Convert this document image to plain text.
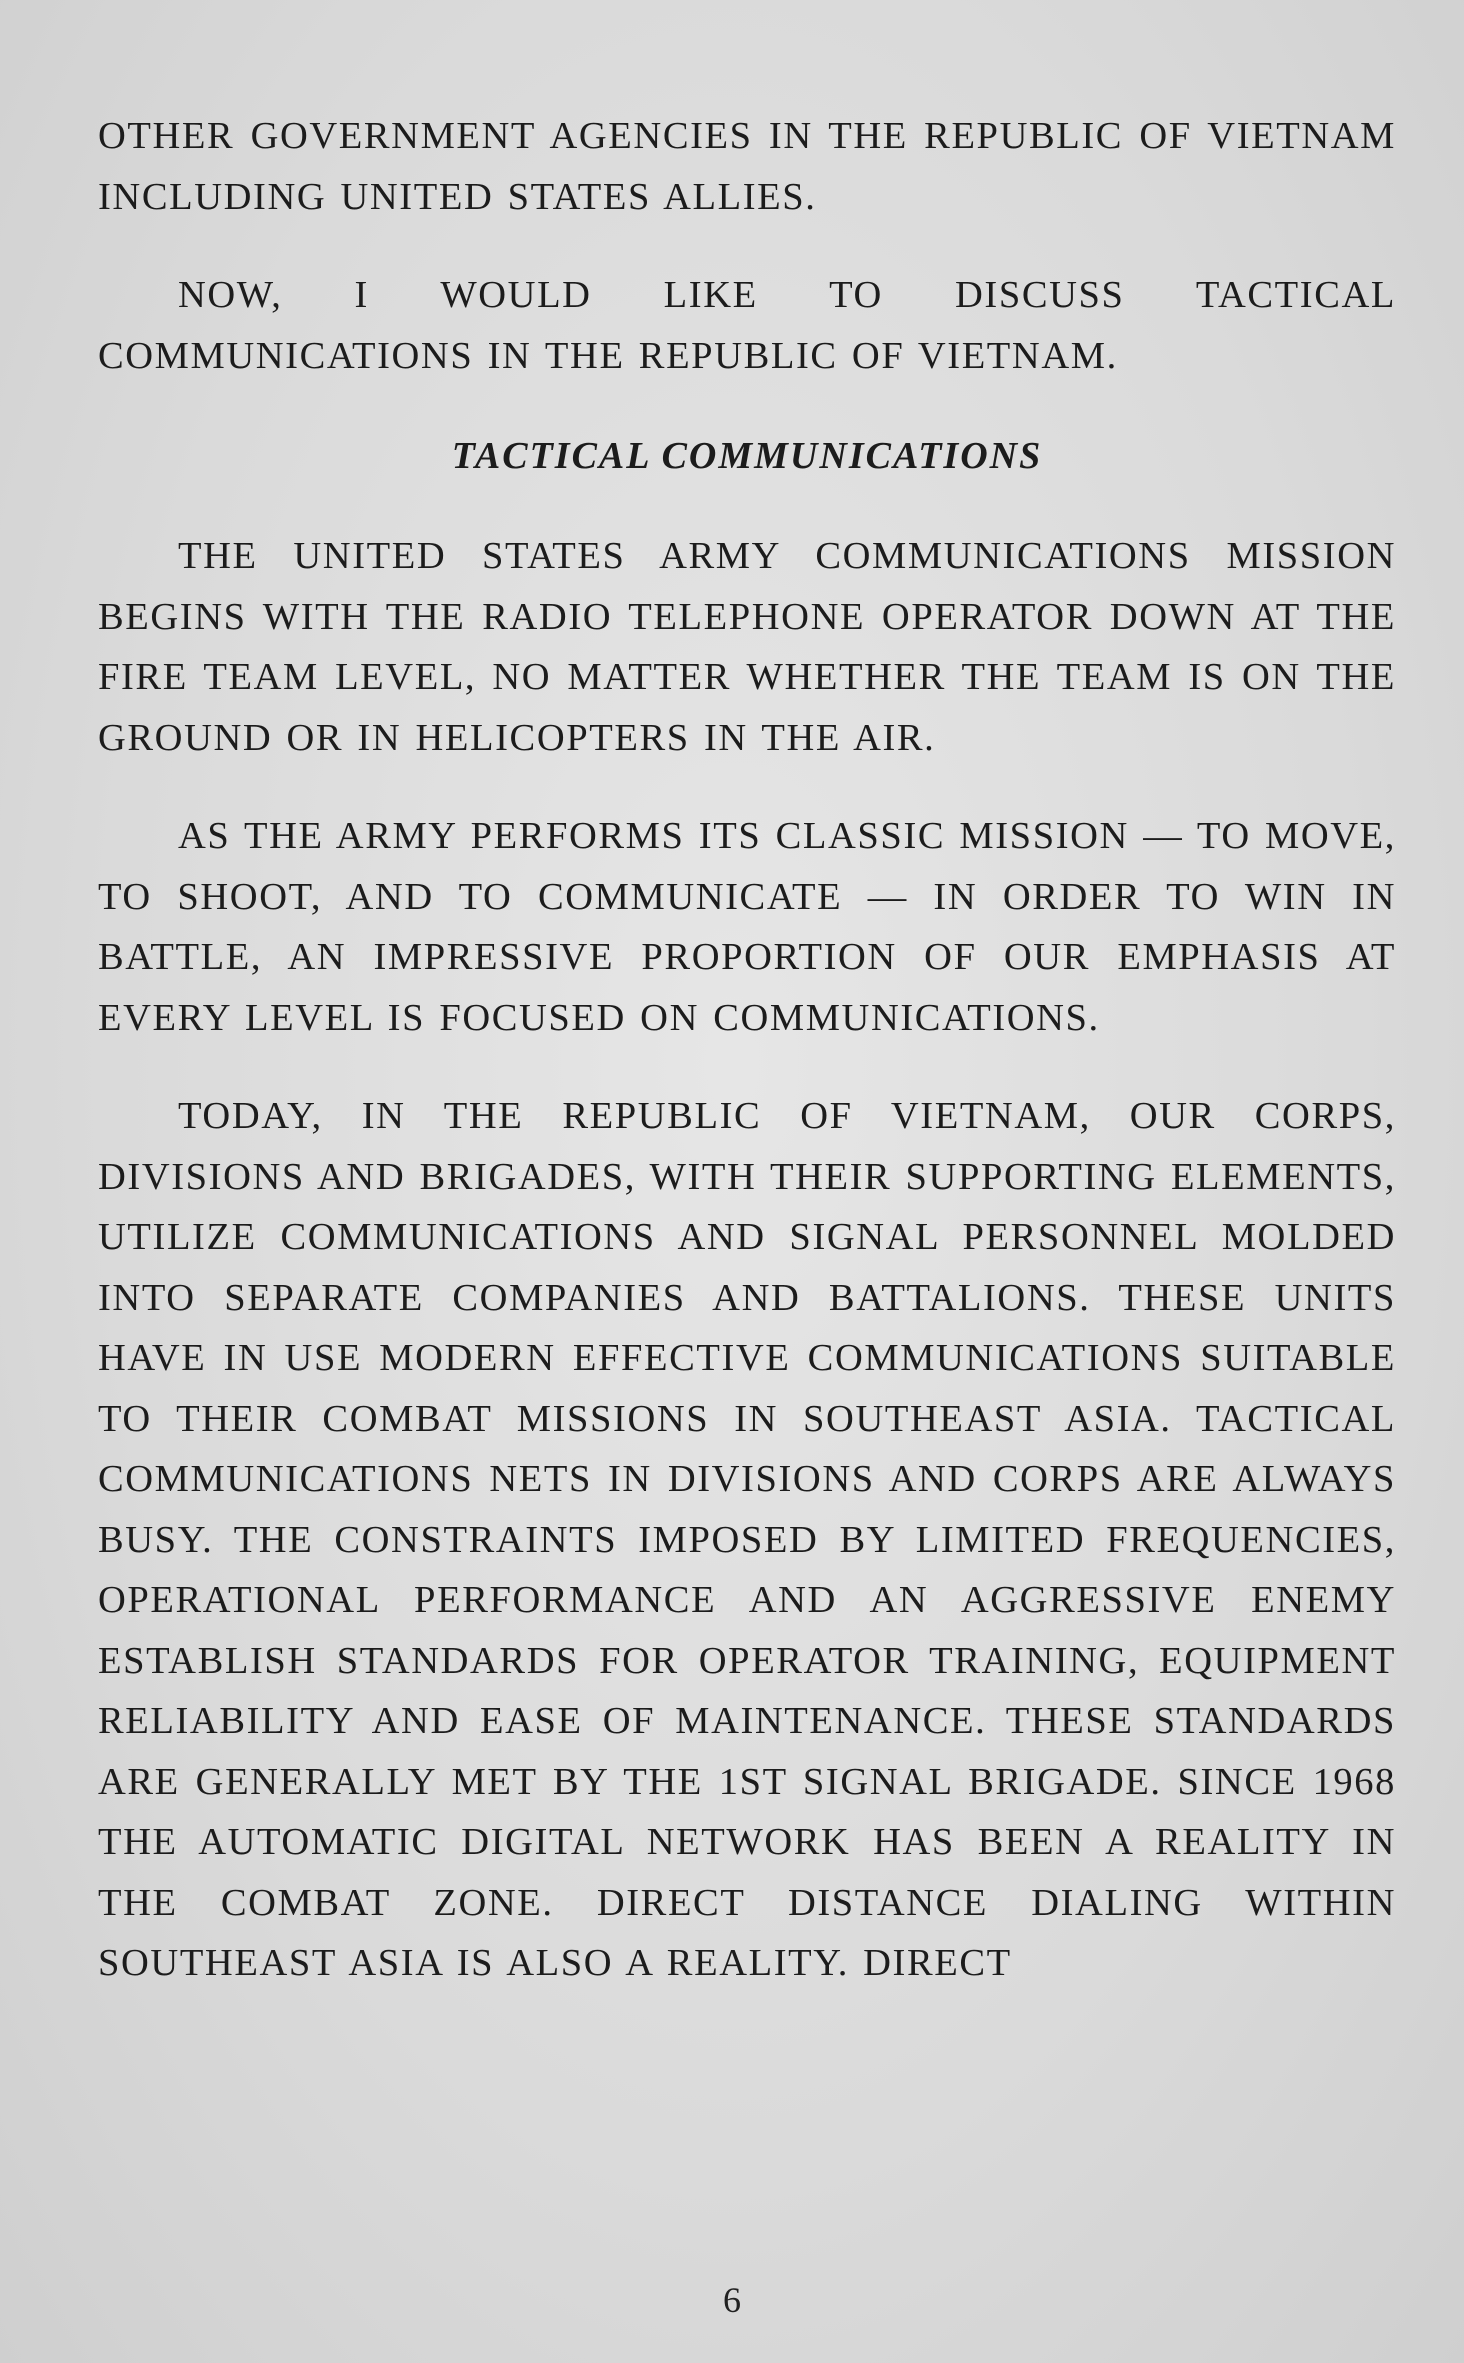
OTHER GOVERNMENT AGENCIES IN THE REPUBLIC OF VIETNAM INCLUDING UNITED STATES ALLIES.

NOW, I WOULD LIKE TO DISCUSS TACTICAL COMMUNICATIONS IN THE REPUBLIC OF VIETNAM.

TACTICAL COMMUNICATIONS

THE UNITED STATES ARMY COMMUNICATIONS MISSION BEGINS WITH THE RADIO TELEPHONE OPERATOR DOWN AT THE FIRE TEAM LEVEL, NO MATTER WHETHER THE TEAM IS ON THE GROUND OR IN HELICOPTERS IN THE AIR.

AS THE ARMY PERFORMS ITS CLASSIC MISSION — TO MOVE, TO SHOOT, AND TO COMMUNICATE — IN ORDER TO WIN IN BATTLE, AN IMPRESSIVE PROPORTION OF OUR EMPHASIS AT EVERY LEVEL IS FOCUSED ON COMMUNICATIONS.

TODAY, IN THE REPUBLIC OF VIETNAM, OUR CORPS, DIVISIONS AND BRIGADES, WITH THEIR SUPPORTING ELEMENTS, UTILIZE COMMUNICATIONS AND SIGNAL PERSONNEL MOLDED INTO SEPARATE COMPANIES AND BATTALIONS. THESE UNITS HAVE IN USE MODERN EFFECTIVE COMMUNICATIONS SUITABLE TO THEIR COMBAT MISSIONS IN SOUTHEAST ASIA. TACTICAL COMMUNICATIONS NETS IN DIVISIONS AND CORPS ARE ALWAYS BUSY. THE CONSTRAINTS IMPOSED BY LIMITED FREQUENCIES, OPERATIONAL PERFORMANCE AND AN AGGRESSIVE ENEMY ESTABLISH STANDARDS FOR OPERATOR TRAINING, EQUIPMENT RELIABILITY AND EASE OF MAINTENANCE. THESE STANDARDS ARE GENERALLY MET BY THE 1ST SIGNAL BRIGADE. SINCE 1968 THE AUTOMATIC DIGITAL NETWORK HAS BEEN A REALITY IN THE COMBAT ZONE. DIRECT DISTANCE DIALING WITHIN SOUTHEAST ASIA IS ALSO A REALITY. DIRECT

6
